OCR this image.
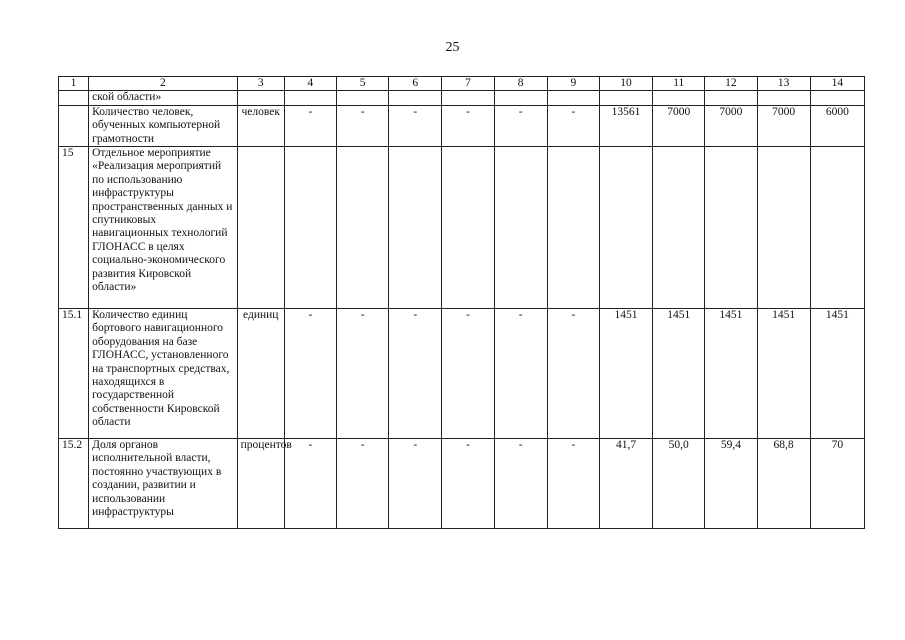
25
1	2	3	4	5	6	7	8	9	10	11	12	13	14
	ской области»												
	Количество человек, обученных компьютерной грамотности	человек	-	-	-	-	-	-	13561	7000	7000	7000	6000
15	Отдельное мероприятие «Реализация мероприятий по использованию инфраструктуры пространственных данных и спутниковых навигационных технологий ГЛОНАСС в целях социально-экономического развития Кировской области»												
15.1	Количество единиц бортового навигационного оборудования на базе ГЛОНАСС, установленного на транспортных средствах, находящихся в государственной собственности Кировской области	единиц	-	-	-	-	-	-	1451	1451	1451	1451	1451
15.2	Доля органов исполнительной власти, постоянно участвующих в создании, развитии и использовании инфраструктуры	процентов	-	-	-	-	-	-	41,7	50,0	59,4	68,8	70
